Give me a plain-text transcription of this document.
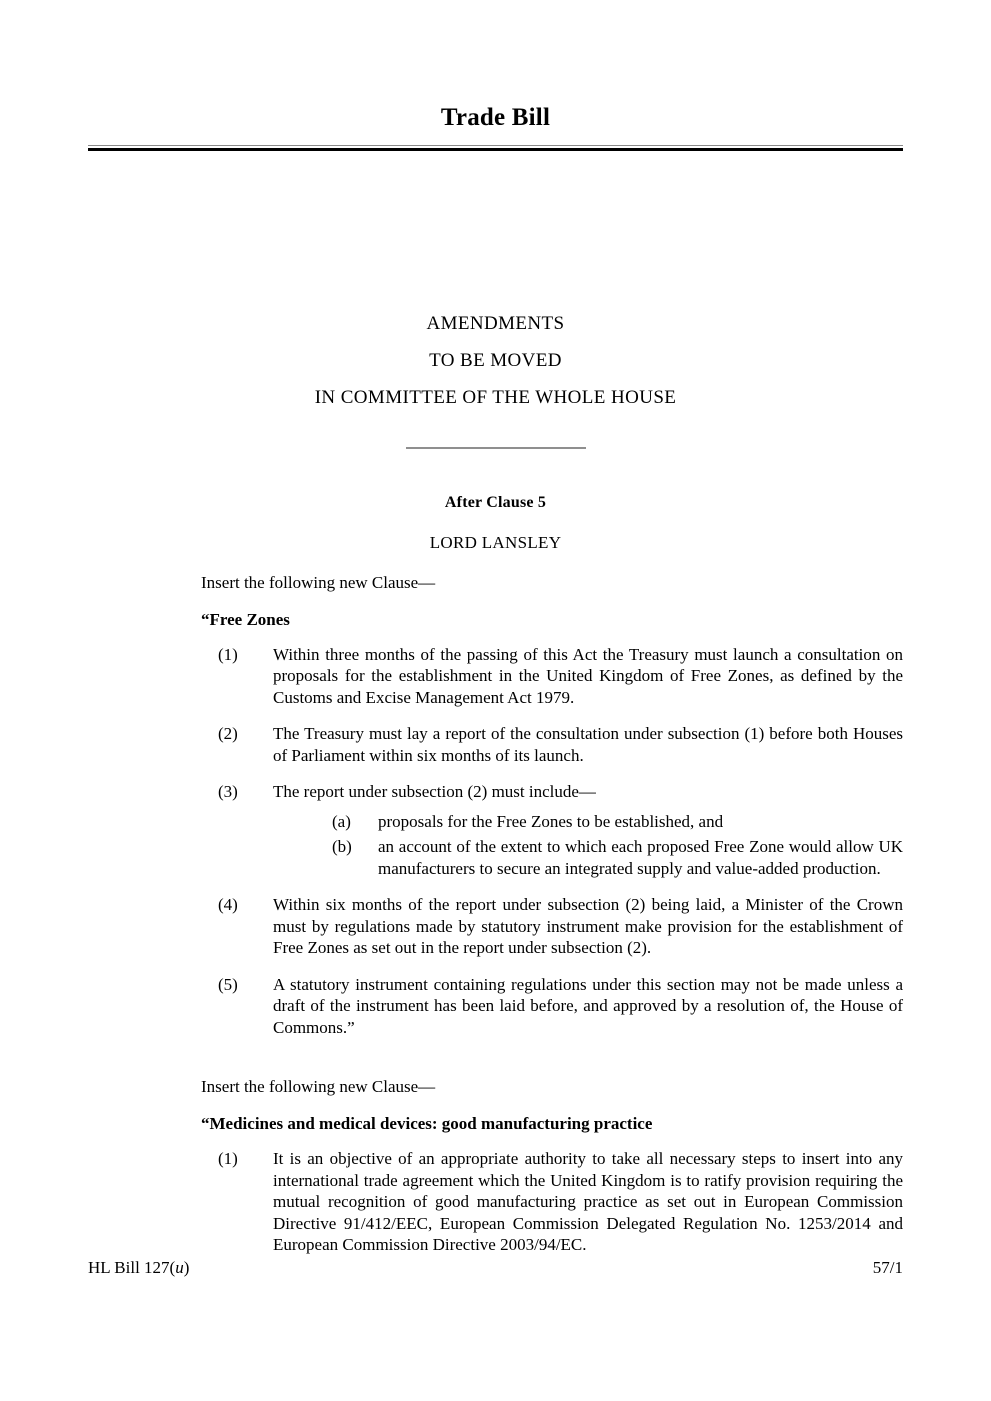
Trade Bill
AMENDMENTS
TO BE MOVED
IN COMMITTEE OF THE WHOLE HOUSE
After Clause 5
LORD LANSLEY
Insert the following new Clause—
“Free Zones
(1)	Within three months of the passing of this Act the Treasury must launch a consultation on proposals for the establishment in the United Kingdom of Free Zones, as defined by the Customs and Excise Management Act 1979.
(2)	The Treasury must lay a report of the consultation under subsection (1) before both Houses of Parliament within six months of its launch.
(3)	The report under subsection (2) must include—
(a)	proposals for the Free Zones to be established, and
(b)	an account of the extent to which each proposed Free Zone would allow UK manufacturers to secure an integrated supply and value-added production.
(4)	Within six months of the report under subsection (2) being laid, a Minister of the Crown must by regulations made by statutory instrument make provision for the establishment of Free Zones as set out in the report under subsection (2).
(5)	A statutory instrument containing regulations under this section may not be made unless a draft of the instrument has been laid before, and approved by a resolution of, the House of Commons.”
Insert the following new Clause—
“Medicines and medical devices: good manufacturing practice
(1)	It is an objective of an appropriate authority to take all necessary steps to insert into any international trade agreement which the United Kingdom is to ratify provision requiring the mutual recognition of good manufacturing practice as set out in European Commission Directive 91/412/EEC, European Commission Delegated Regulation No. 1253/2014 and European Commission Directive 2003/94/EC.
HL Bill 127(u)	57/1
